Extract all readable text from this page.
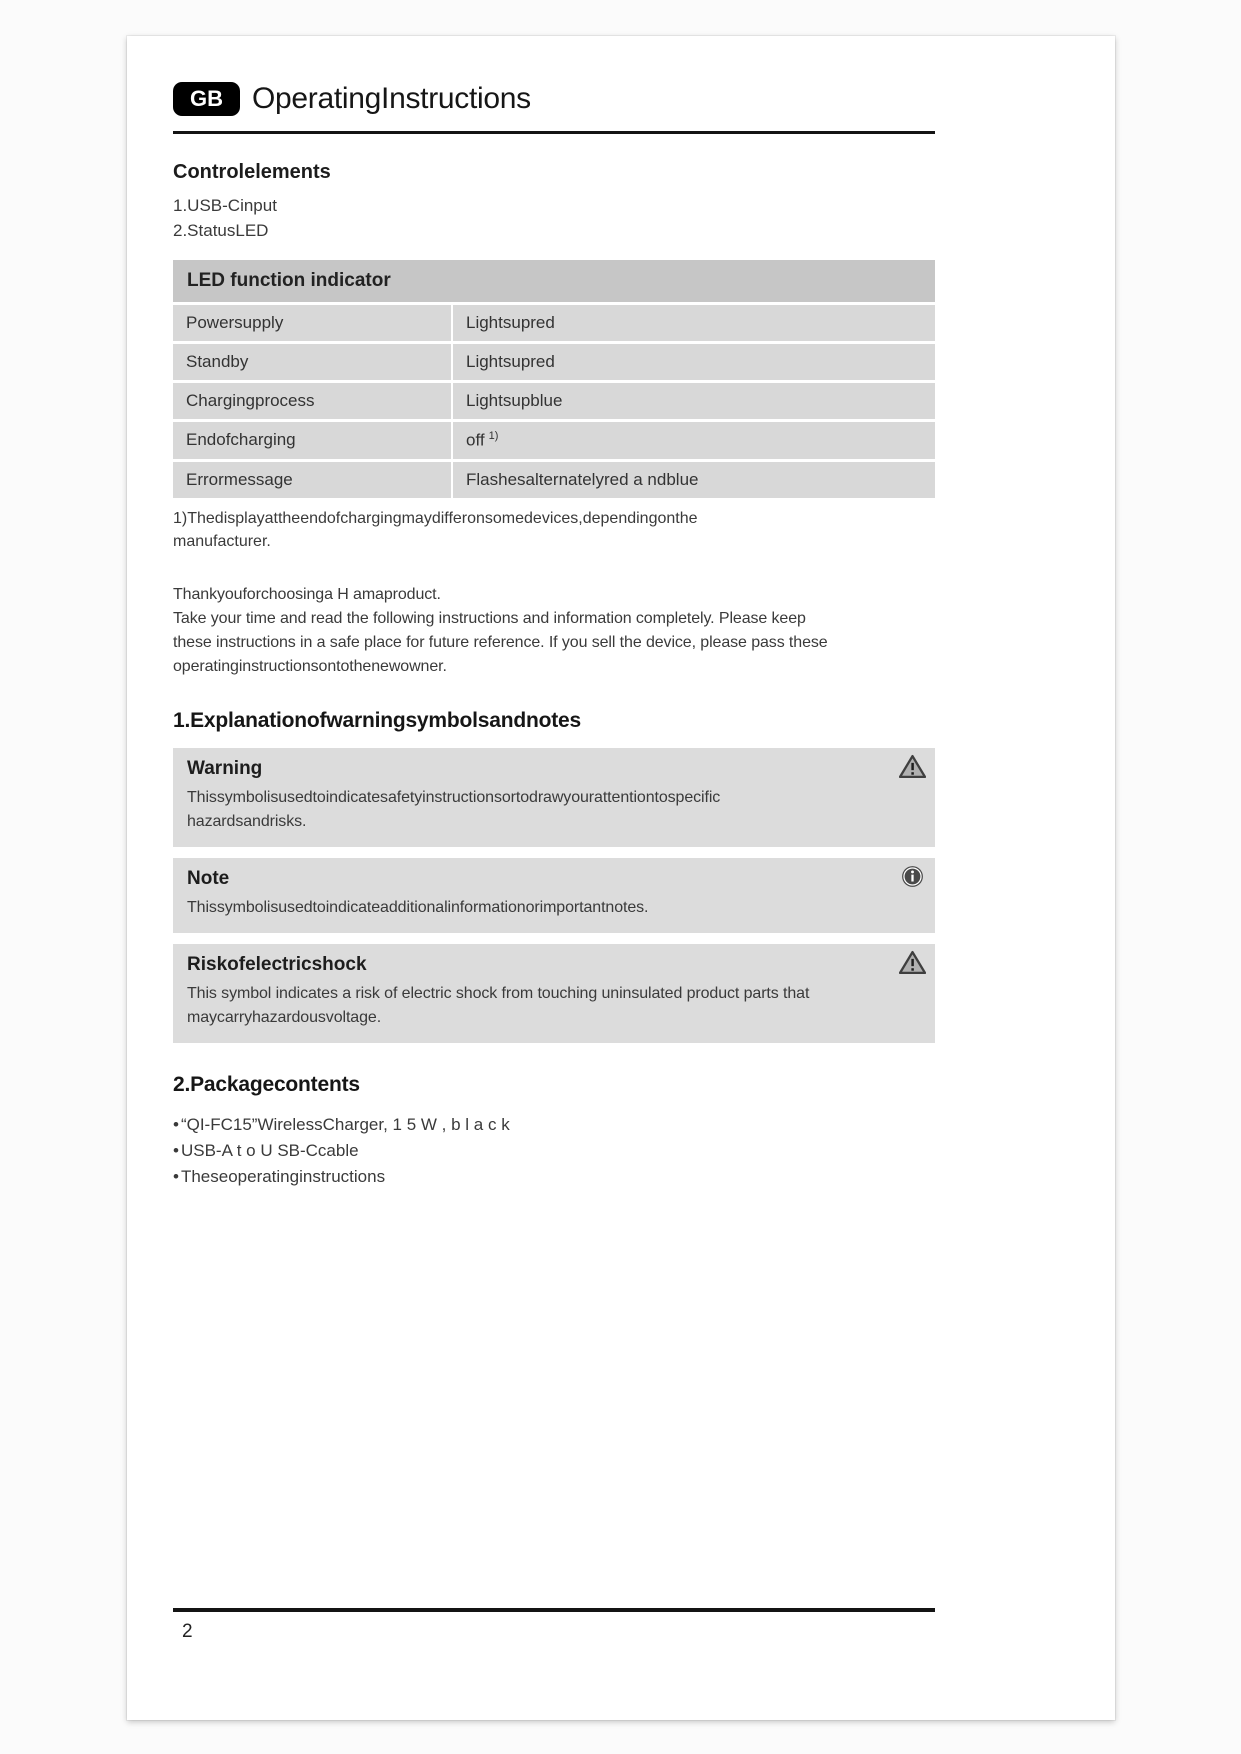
GB OperatingInstructions
Controlelements
1.USB-Cinput
2.StatusLED
LED function indicator
Powersupply	Lightsupred
Standby	Lightsupred
Chargingprocess	Lightsupblue
Endofcharging	off $^{1)}$
Errormessage	Flashesalternatelyred a ndblue
1)Thedisplayattheendofchargingmaydifferonsomedevices,dependingonthe
manufacturer.
Thankyouforchoosinga H amaproduct.
Take your time and read the following instructions and information completely. Please keep
these instructions in a safe place for future reference. If you sell the device, please pass these
operatinginstructionsontothenewowner.
1.Explanationofwarningsymbolsandnotes
Warning
Thissymbolisusedtoindicatesafetyinstructionsortodrawyourattentiontospecific
hazardsandrisks.
Note
Thissymbolisusedtoindicateadditionalinformationorimportantnotes.
Riskofelectricshock
This symbol indicates a risk of electric shock from touching uninsulated product parts that
maycarryhazardousvoltage.
2.Packagecontents
• “QI-FC15”WirelessCharger, 1 5 W , b l a c k
• USB-A t o U SB-Ccable
• Theseoperatinginstructions
2
